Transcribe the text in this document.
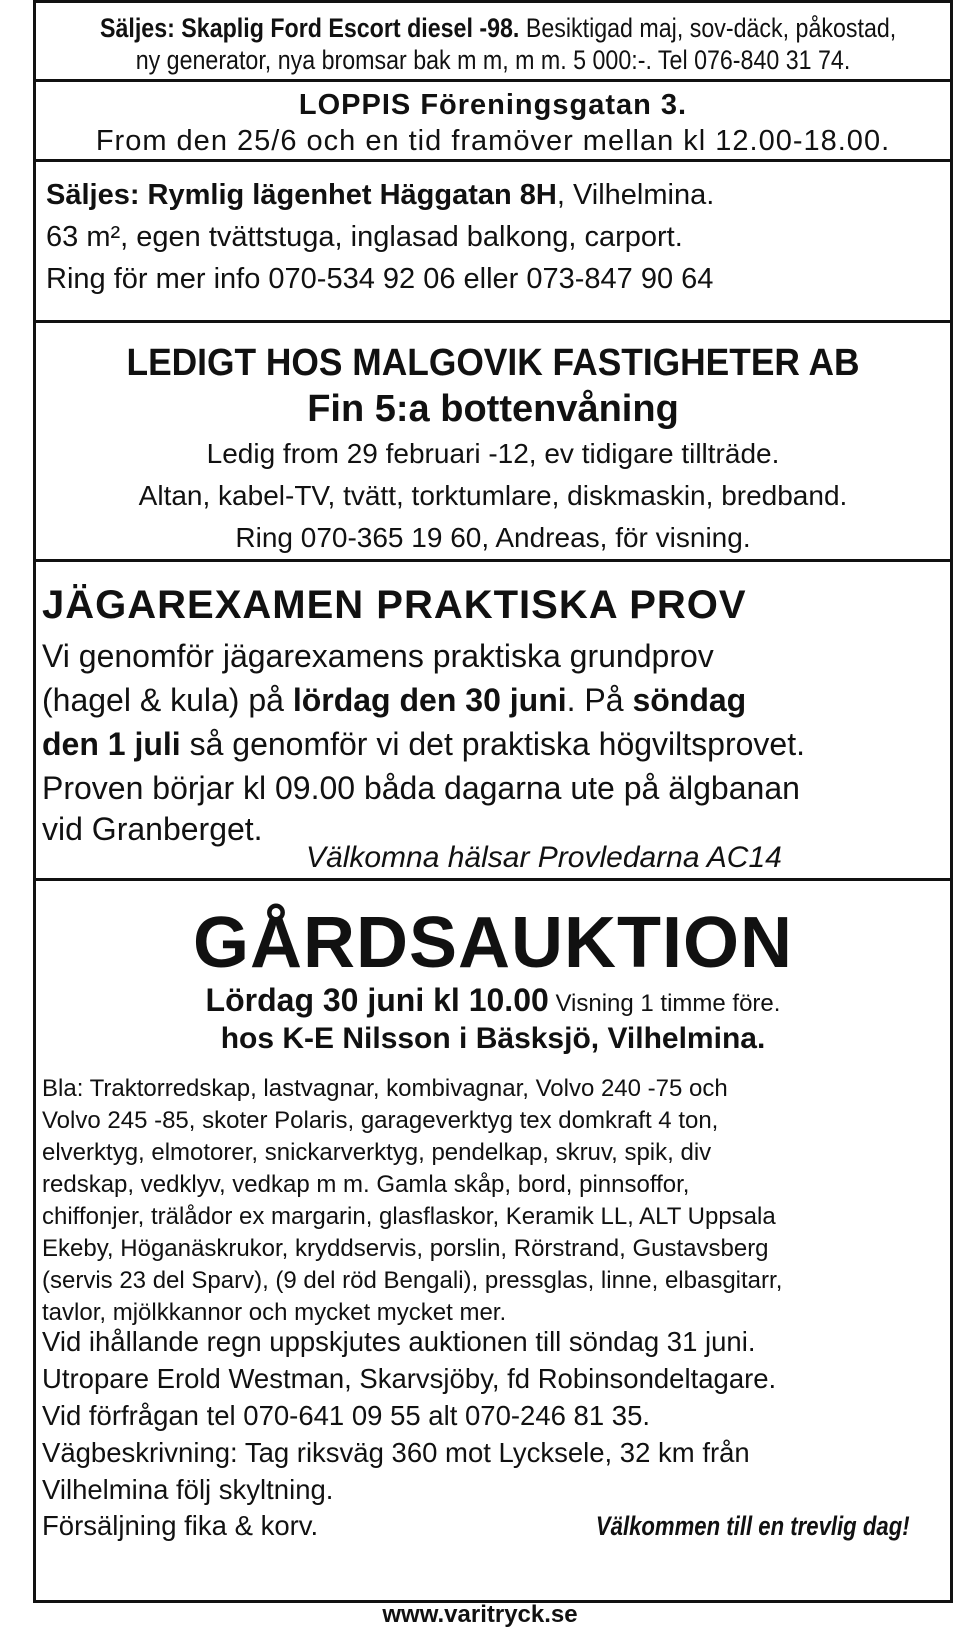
Säljes: Skaplig Ford Escort diesel -98. Besiktigad maj, sov-däck, påkostad,
ny generator, nya bromsar bak m m, m m. 5 000:-. Tel 076-840 31 74.
LOPPIS Föreningsgatan 3.
From den 25/6 och en tid framöver mellan kl 12.00-18.00.
Säljes: Rymlig lägenhet Häggatan 8H, Vilhelmina.
63 m², egen tvättstuga, inglasad balkong, carport.
Ring för mer info 070-534 92 06 eller 073-847 90 64
LEDIGT HOS MALGOVIK FASTIGHETER AB
Fin 5:a bottenvåning
Ledig from 29 februari -12, ev tidigare tillträde.
Altan, kabel-TV, tvätt, torktumlare, diskmaskin, bredband.
Ring 070-365 19 60, Andreas, för visning.
JÄGAREXAMEN PRAKTISKA PROV
Vi genomför jägarexamens praktiska grundprov
(hagel & kula) på lördag den 30 juni. På söndag
den 1 juli så genomför vi det praktiska högviltsprovet.
Proven börjar kl 09.00 båda dagarna ute på älgbanan
vid Granberget.
Välkomna hälsar Provledarna AC14
GÅRDSAUKTION
Lördag 30 juni kl 10.00 Visning 1 timme före.
hos K-E Nilsson i Bäsksjö, Vilhelmina.
Bla: Traktorredskap, lastvagnar, kombivagnar, Volvo 240 -75 och
Volvo 245 -85, skoter Polaris, garageverktyg tex domkraft 4 ton,
elverktyg, elmotorer, snickarverktyg, pendelkap, skruv, spik, div
redskap, vedklyv, vedkap m m. Gamla skåp, bord, pinnsoffor,
chiffonjer, trälådor ex margarin, glasflaskor, Keramik LL, ALT Uppsala
Ekeby, Höganäskrukor, kryddservis, porslin, Rörstrand, Gustavsberg
(servis 23 del Sparv), (9 del röd Bengali), pressglas, linne, elbasgitarr,
tavlor, mjölkkannor och mycket mycket mer.
Vid ihållande regn uppskjutes auktionen till söndag 31 juni.
Utropare Erold Westman, Skarvsjöby, fd Robinsondeltagare.
Vid förfrågan tel 070-641 09 55 alt 070-246 81 35.
Vägbeskrivning: Tag riksväg 360 mot Lycksele, 32 km från
Vilhelmina följ skyltning.
Försäljning fika & korv.	Välkommen till en trevlig dag!
www.varitryck.se
